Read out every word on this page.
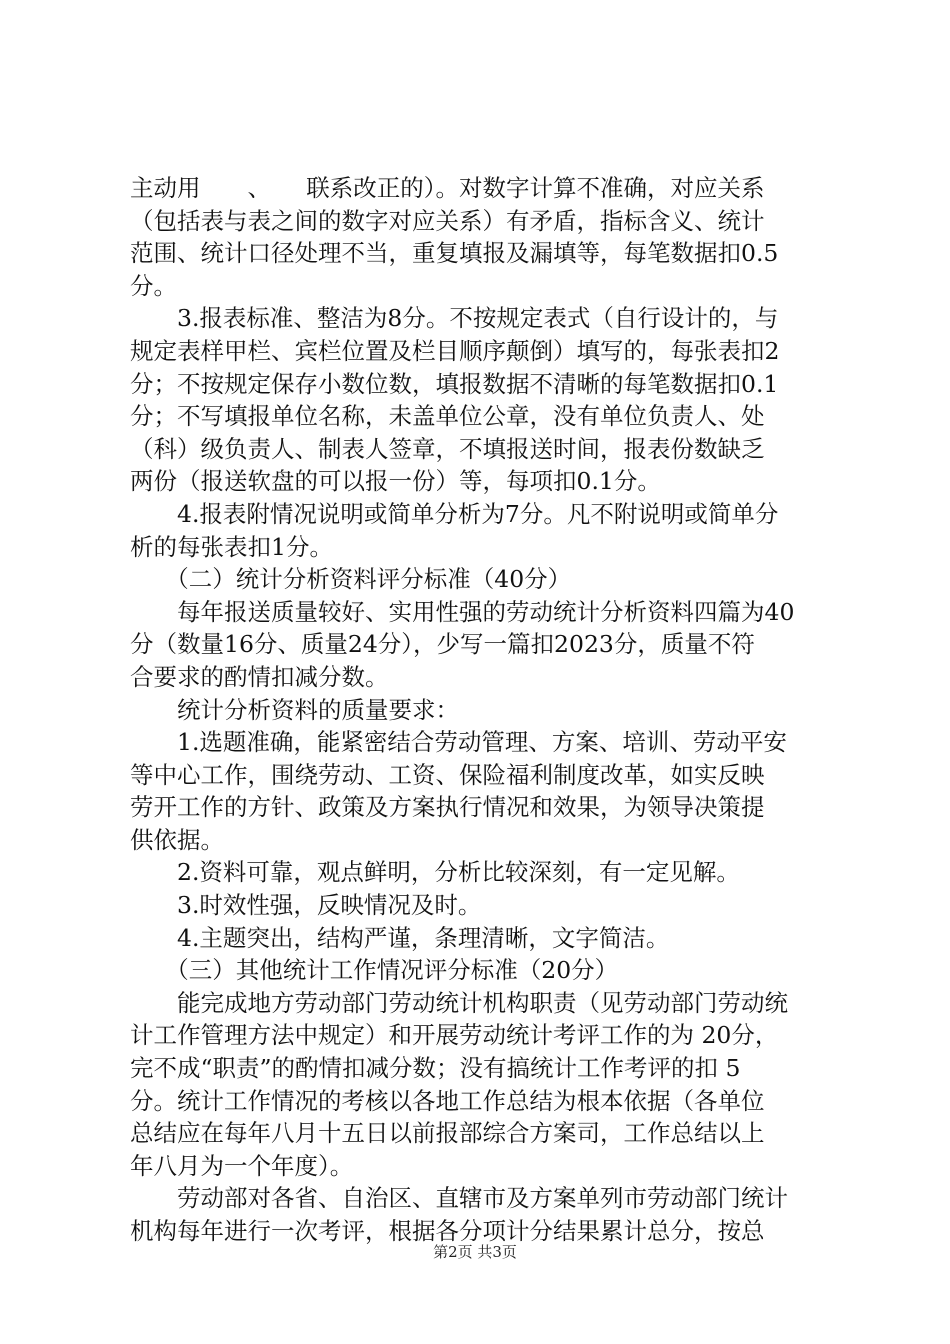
主动用　　、　　联系改正的）。对数字计算不准确，对应关系
（包括表与表之间的数字对应关系）有矛盾，指标含义、统计
范围、统计口径处理不当，重复填报及漏填等，每笔数据扣0.5
分。
　　3.报表标准、整洁为8分。不按规定表式（自行设计的，与
规定表样甲栏、宾栏位置及栏目顺序颠倒）填写的，每张表扣2
分；不按规定保存小数位数，填报数据不清晰的每笔数据扣0.1
分；不写填报单位名称，未盖单位公章，没有单位负责人、处
（科）级负责人、制表人签章，不填报送时间，报表份数缺乏
两份（报送软盘的可以报一份）等，每项扣0.1分。
　　4.报表附情况说明或简单分析为7分。凡不附说明或简单分
析的每张表扣1分。
　　（二）统计分析资料评分标准（40分）
　　每年报送质量较好、实用性强的劳动统计分析资料四篇为40
分（数量16分、质量24分），少写一篇扣2023分，质量不符
合要求的酌情扣减分数。
　　统计分析资料的质量要求：
　　1.选题准确，能紧密结合劳动管理、方案、培训、劳动平安
等中心工作，围绕劳动、工资、保险福利制度改革，如实反映
劳开工作的方针、政策及方案执行情况和效果，为领导决策提
供依据。
　　2.资料可靠，观点鲜明，分析比较深刻，有一定见解。
　　3.时效性强，反映情况及时。
　　4.主题突出，结构严谨，条理清晰，文字简洁。
　　（三）其他统计工作情况评分标准（20分）
　　能完成地方劳动部门劳动统计机构职责（见劳动部门劳动统
计工作管理方法中规定）和开展劳动统计考评工作的为 20分，
完不成“职责”的酌情扣减分数；没有搞统计工作考评的扣 5
分。统计工作情况的考核以各地工作总结为根本依据（各单位
总结应在每年八月十五日以前报部综合方案司，工作总结以上
年八月为一个年度）。
　　劳动部对各省、自治区、直辖市及方案单列市劳动部门统计
机构每年进行一次考评，根据各分项计分结果累计总分，按总
第2页 共3页
